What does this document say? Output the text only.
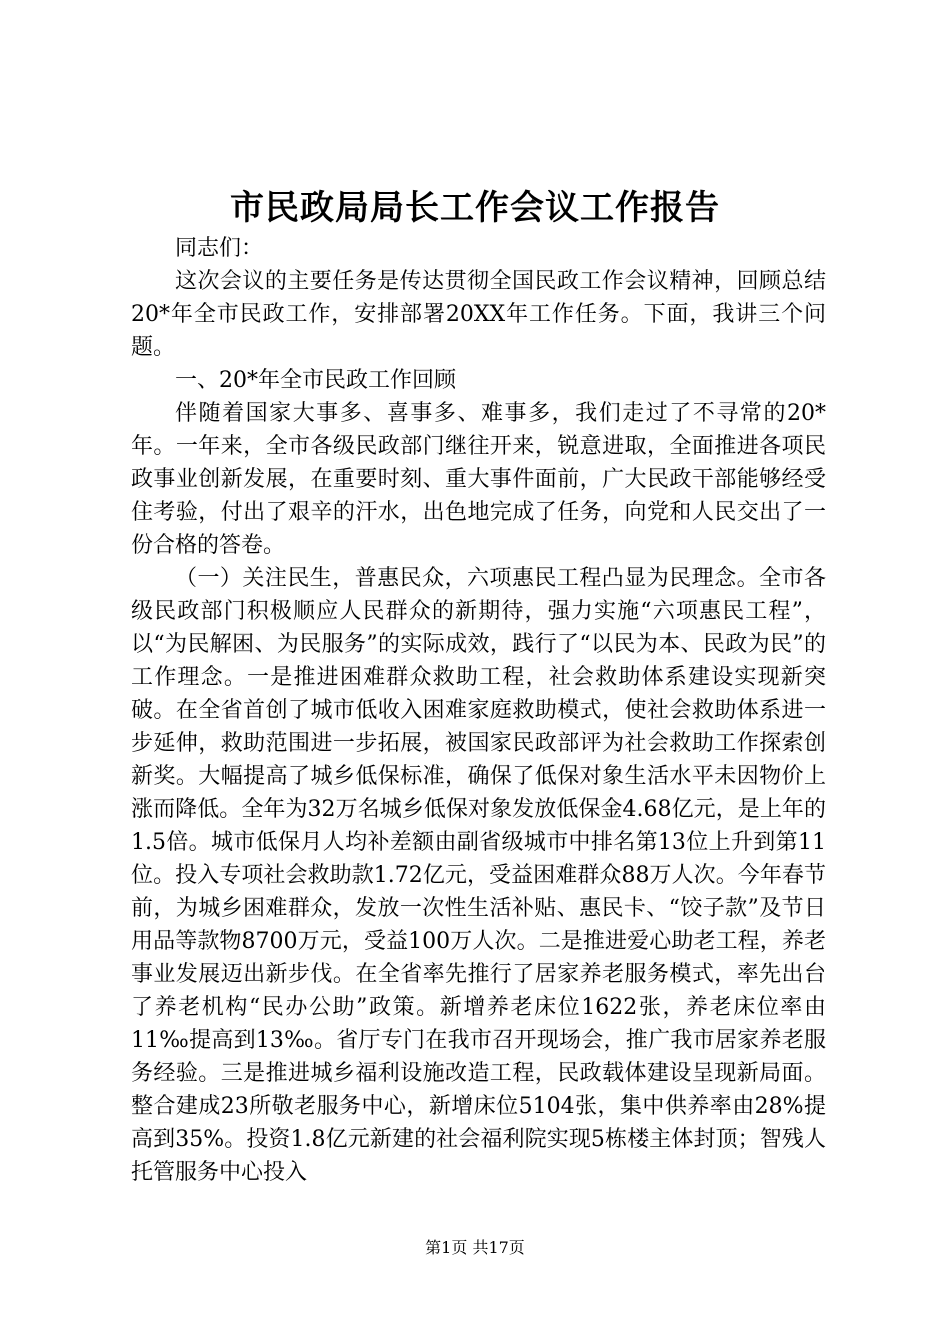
市民政局局长工作会议工作报告

同志们：

这次会议的主要任务是传达贯彻全国民政工作会议精神，回顾总结20*年全市民政工作，安排部署20XX年工作任务。下面，我讲三个问题。

一、20*年全市民政工作回顾

伴随着国家大事多、喜事多、难事多，我们走过了不寻常的20*年。一年来，全市各级民政部门继往开来，锐意进取，全面推进各项民政事业创新发展，在重要时刻、重大事件面前，广大民政干部能够经受住考验，付出了艰辛的汗水，出色地完成了任务，向党和人民交出了一份合格的答卷。

（一）关注民生，普惠民众，六项惠民工程凸显为民理念。全市各级民政部门积极顺应人民群众的新期待，强力实施“六项惠民工程”，以“为民解困、为民服务”的实际成效，践行了“以民为本、民政为民”的工作理念。一是推进困难群众救助工程，社会救助体系建设实现新突破。在全省首创了城市低收入困难家庭救助模式，使社会救助体系进一步延伸，救助范围进一步拓展，被国家民政部评为社会救助工作探索创新奖。大幅提高了城乡低保标准，确保了低保对象生活水平未因物价上涨而降低。全年为32万名城乡低保对象发放低保金4.68亿元，是上年的1.5倍。城市低保月人均补差额由副省级城市中排名第13位上升到第11位。投入专项社会救助款1.72亿元，受益困难群众88万人次。今年春节前，为城乡困难群众，发放一次性生活补贴、惠民卡、“饺子款”及节日用品等款物8700万元，受益100万人次。二是推进爱心助老工程，养老事业发展迈出新步伐。在全省率先推行了居家养老服务模式，率先出台了养老机构“民办公助”政策。新增养老床位1622张，养老床位率由11‰提高到13‰。省厅专门在我市召开现场会，推广我市居家养老服务经验。三是推进城乡福利设施改造工程，民政载体建设呈现新局面。整合建成23所敬老服务中心，新增床位5104张，集中供养率由28%提高到35%。投资1.8亿元新建的社会福利院实现5栋楼主体封顶；智残人托管服务中心投入

第1页 共17页
